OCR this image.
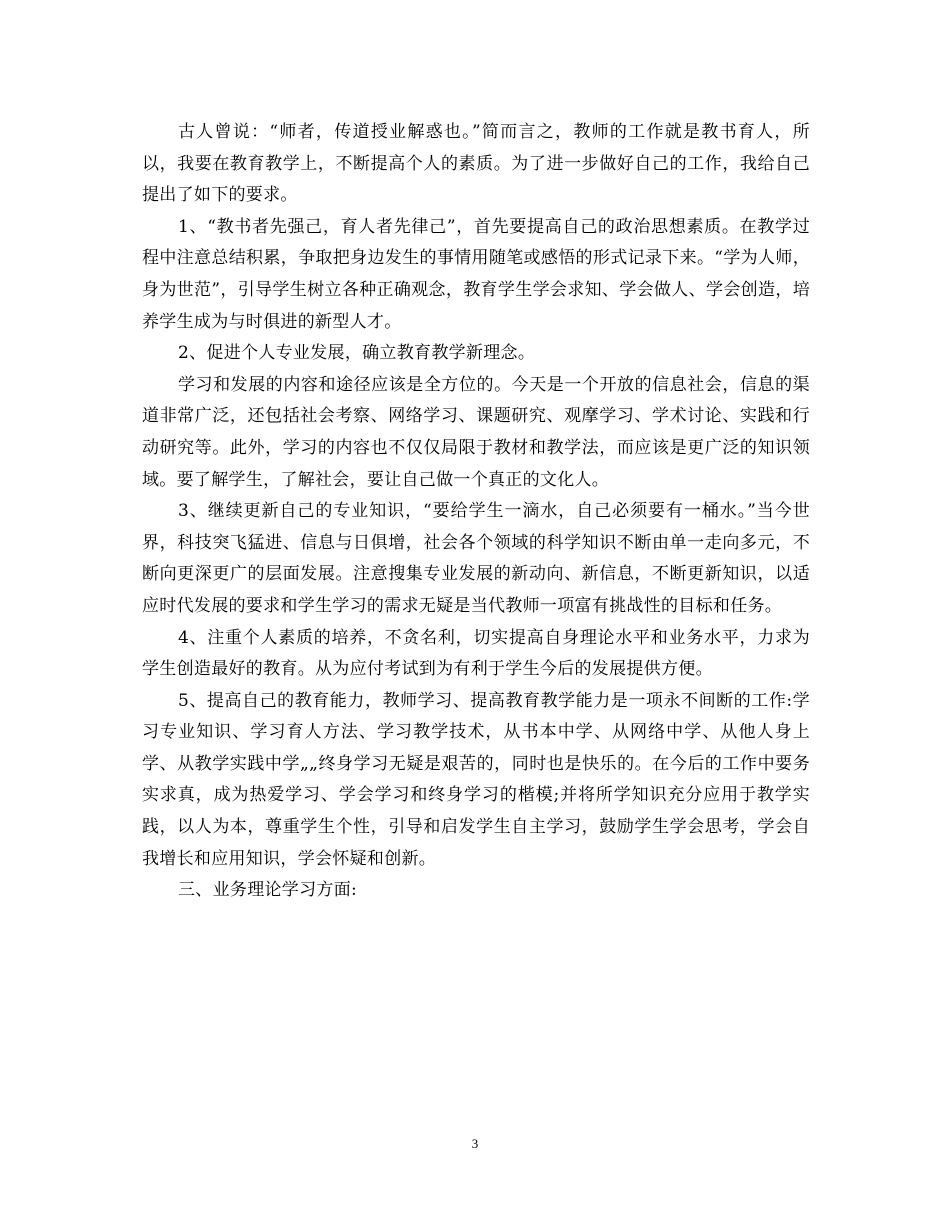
古人曾说：“师者，传道授业解惑也。”简而言之，教师的工作就是教书育人，所以，我要在教育教学上，不断提高个人的素质。为了进一步做好自己的工作，我给自己提出了如下的要求。

1、“教书者先强己，育人者先律己”，首先要提高自己的政治思想素质。在教学过程中注意总结积累，争取把身边发生的事情用随笔或感悟的形式记录下来。“学为人师，身为世范”，引导学生树立各种正确观念，教育学生学会求知、学会做人、学会创造，培养学生成为与时俱进的新型人才。

2、促进个人专业发展，确立教育教学新理念。

学习和发展的内容和途径应该是全方位的。今天是一个开放的信息社会，信息的渠道非常广泛，还包括社会考察、网络学习、课题研究、观摩学习、学术讨论、实践和行动研究等。此外，学习的内容也不仅仅局限于教材和教学法，而应该是更广泛的知识领域。要了解学生，了解社会，要让自己做一个真正的文化人。

3、继续更新自己的专业知识，“要给学生一滴水，自己必须要有一桶水。”当今世界，科技突飞猛进、信息与日俱增，社会各个领域的科学知识不断由单一走向多元，不断向更深更广的层面发展。注意搜集专业发展的新动向、新信息，不断更新知识，以适应时代发展的要求和学生学习的需求无疑是当代教师一项富有挑战性的目标和任务。

4、注重个人素质的培养，不贪名利，切实提高自身理论水平和业务水平，力求为学生创造最好的教育。从为应付考试到为有利于学生今后的发展提供方便。

5、提高自己的教育能力，教师学习、提高教育教学能力是一项永不间断的工作:学习专业知识、学习育人方法、学习教学技术，从书本中学、从网络中学、从他人身上学、从教学实践中学„„终身学习无疑是艰苦的，同时也是快乐的。在今后的工作中要务实求真，成为热爱学习、学会学习和终身学习的楷模;并将所学知识充分应用于教学实践，以人为本，尊重学生个性，引导和启发学生自主学习，鼓励学生学会思考，学会自我增长和应用知识，学会怀疑和创新。

三、业务理论学习方面:

3
